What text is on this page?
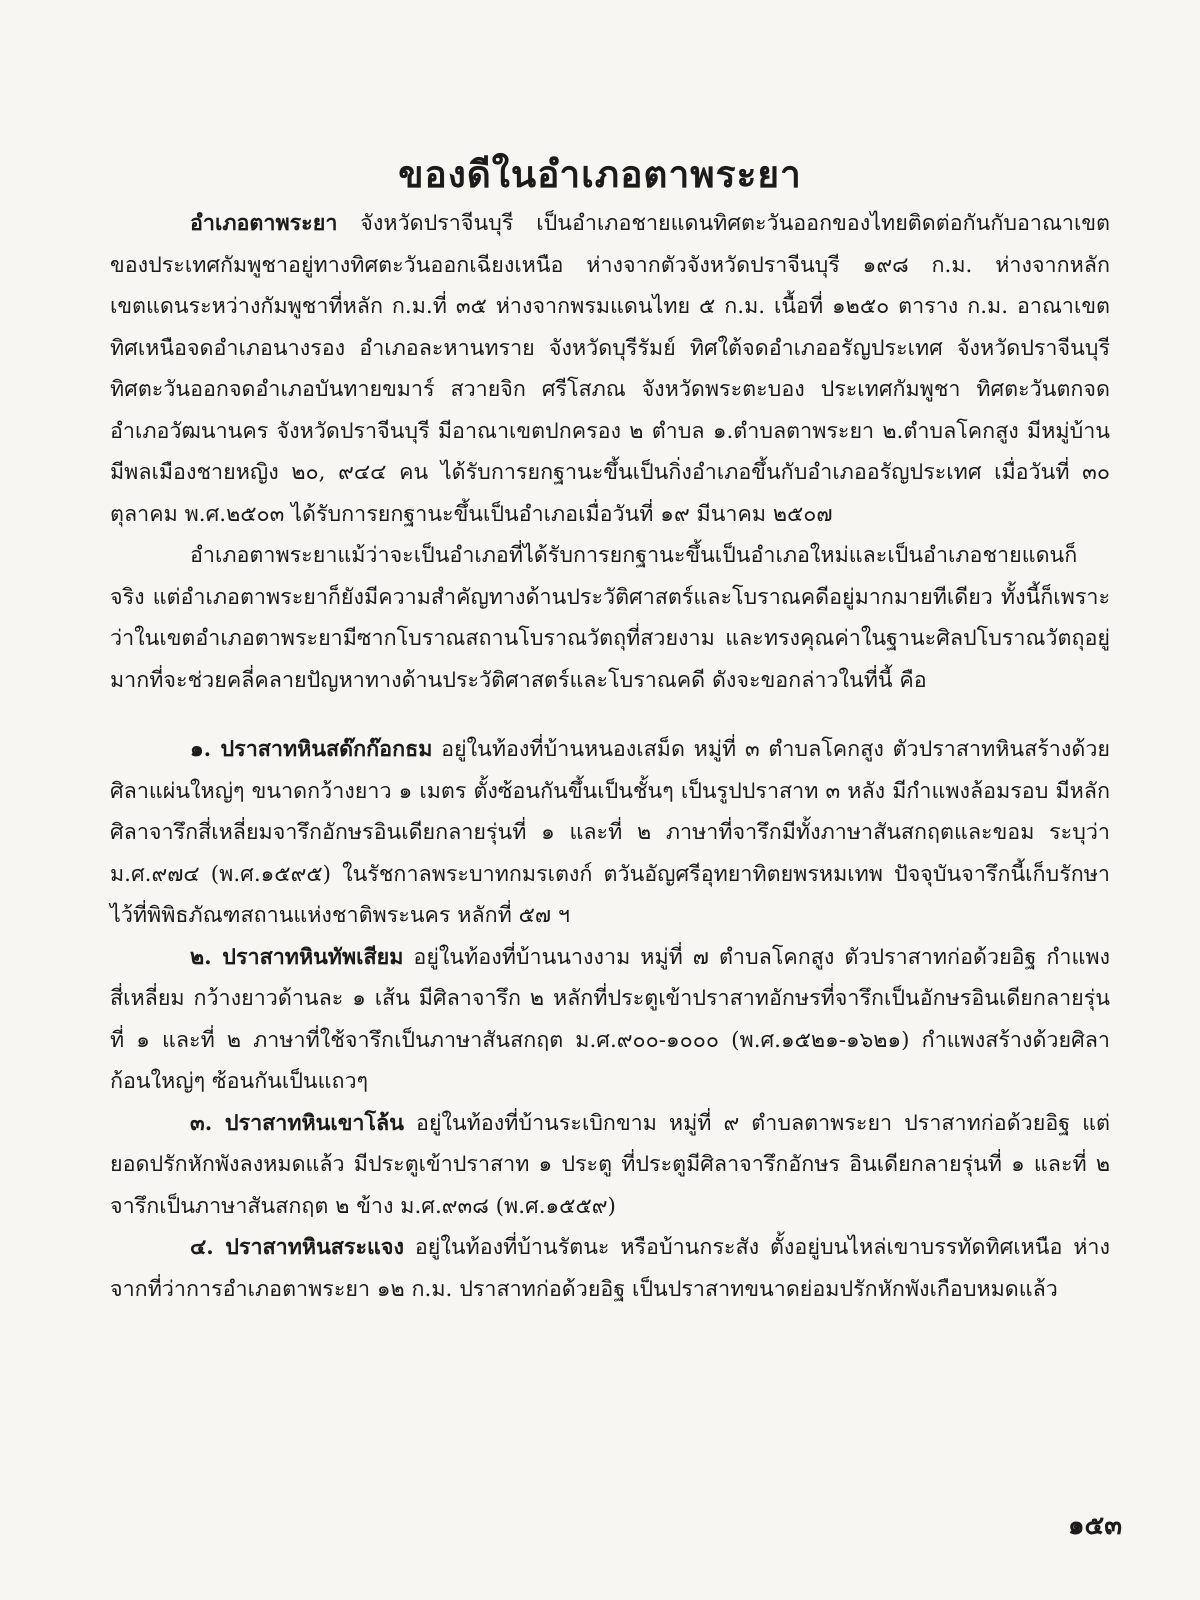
ของดีในอำเภอตาพระยา

อำเภอตาพระยา จังหวัดปราจีนบุรี เป็นอำเภอชายแดนทิศตะวันออกของไทยติดต่อกันกับอาณาเขตของประเทศกัมพูชาอยู่ทางทิศตะวันออกเฉียงเหนือ ห่างจากตัวจังหวัดปราจีนบุรี ๑๙๘ ก.ม. ห่างจากหลักเขตแดนระหว่างกัมพูชาที่หลัก ก.ม.ที่ ๓๕ ห่างจากพรมแดนไทย ๕ ก.ม. เนื้อที่ ๑๒๕๐ ตาราง ก.ม. อาณาเขตทิศเหนือจดอำเภอนางรอง อำเภอละหานทราย จังหวัดบุรีรัมย์ ทิศใต้จดอำเภออรัญประเทศ จังหวัดปราจีนบุรี ทิศตะวันออกจดอำเภอบันทายขมาร์ สวายจิก ศรีโสภณ จังหวัดพระตะบอง ประเทศกัมพูชา ทิศตะวันตกจดอำเภอวัฒนานคร จังหวัดปราจีนบุรี มีอาณาเขตปกครอง ๒ ตำบล ๑.ตำบลตาพระยา ๒.ตำบลโคกสูง มีหมู่บ้าน มีพลเมืองชายหญิง ๒๐, ๙๔๔ คน ได้รับการยกฐานะขึ้นเป็นกิ่งอำเภอขึ้นกับอำเภออรัญประเทศ เมื่อวันที่ ๓๐ ตุลาคม พ.ศ.๒๕๐๓ ได้รับการยกฐานะขึ้นเป็นอำเภอเมื่อวันที่ ๑๙ มีนาคม ๒๕๐๗

อำเภอตาพระยาแม้ว่าจะเป็นอำเภอที่ได้รับการยกฐานะขึ้นเป็นอำเภอใหม่และเป็นอำเภอชายแดนก็จริง แต่อำเภอตาพระยาก็ยังมีความสำคัญทางด้านประวัติศาสตร์และโบราณคดีอยู่มากมายทีเดียว ทั้งนี้ก็เพราะว่าในเขตอำเภอตาพระยามีซากโบราณสถานโบราณวัตถุที่สวยงาม และทรงคุณค่าในฐานะศิลปโบราณวัตถุอยู่มากที่จะช่วยคลี่คลายปัญหาทางด้านประวัติศาสตร์และโบราณคดี ดังจะขอกล่าวในที่นี้ คือ

๑. ปราสาทหินสด๊กก๊อกธม อยู่ในท้องที่บ้านหนองเสม็ด หมู่ที่ ๓ ตำบลโคกสูง ตัวปราสาทหินสร้างด้วยศิลาแผ่นใหญ่ๆ ขนาดกว้างยาว ๑ เมตร ตั้งซ้อนกันขึ้นเป็นชั้นๆ เป็นรูปปราสาท ๓ หลัง มีกำแพงล้อมรอบ มีหลักศิลาจารึกสี่เหลี่ยมจารึกอักษรอินเดียกลายรุ่นที่ ๑ และที่ ๒ ภาษาที่จารึกมีทั้งภาษาสันสกฤตและขอม ระบุว่า ม.ศ.๙๗๔ (พ.ศ.๑๕๙๕) ในรัชกาลพระบาทกมรเตงก์ ตวันอัญศรีอุทยาทิตยพรหมเทพ ปัจจุบันจารึกนี้เก็บรักษาไว้ที่พิพิธภัณฑสถานแห่งชาติพระนคร หลักที่ ๕๗ ฯ

๒. ปราสาทหินทัพเสียม อยู่ในท้องที่บ้านนางงาม หมู่ที่ ๗ ตำบลโคกสูง ตัวปราสาทก่อด้วยอิฐ กำแพงสี่เหลี่ยม กว้างยาวด้านละ ๑ เส้น มีศิลาจารึก ๒ หลักที่ประตูเข้าปราสาทอักษรที่จารึกเป็นอักษรอินเดียกลายรุ่นที่ ๑ และที่ ๒ ภาษาที่ใช้จารึกเป็นภาษาสันสกฤต ม.ศ.๙๐๐-๑๐๐๐ (พ.ศ.๑๕๒๑-๑๖๒๑) กำแพงสร้างด้วยศิลาก้อนใหญ่ๆ ซ้อนกันเป็นแถวๆ

๓. ปราสาทหินเขาโล้น อยู่ในท้องที่บ้านระเบิกขาม หมู่ที่ ๙ ตำบลตาพระยา ปราสาทก่อด้วยอิฐ แต่ยอดปรักหักพังลงหมดแล้ว มีประตูเข้าปราสาท ๑ ประตู ที่ประตูมีศิลาจารึกอักษร อินเดียกลายรุ่นที่ ๑ และที่ ๒ จารึกเป็นภาษาสันสกฤต ๒ ข้าง ม.ศ.๙๓๘ (พ.ศ.๑๕๕๙)

๔. ปราสาทหินสระแจง อยู่ในท้องที่บ้านรัตนะ หรือบ้านกระสัง ตั้งอยู่บนไหล่เขาบรรทัดทิศเหนือ ห่างจากที่ว่าการอำเภอตาพระยา ๑๒ ก.ม. ปราสาทก่อด้วยอิฐ เป็นปราสาทขนาดย่อมปรักหักพังเกือบหมดแล้ว

๑๕๓
